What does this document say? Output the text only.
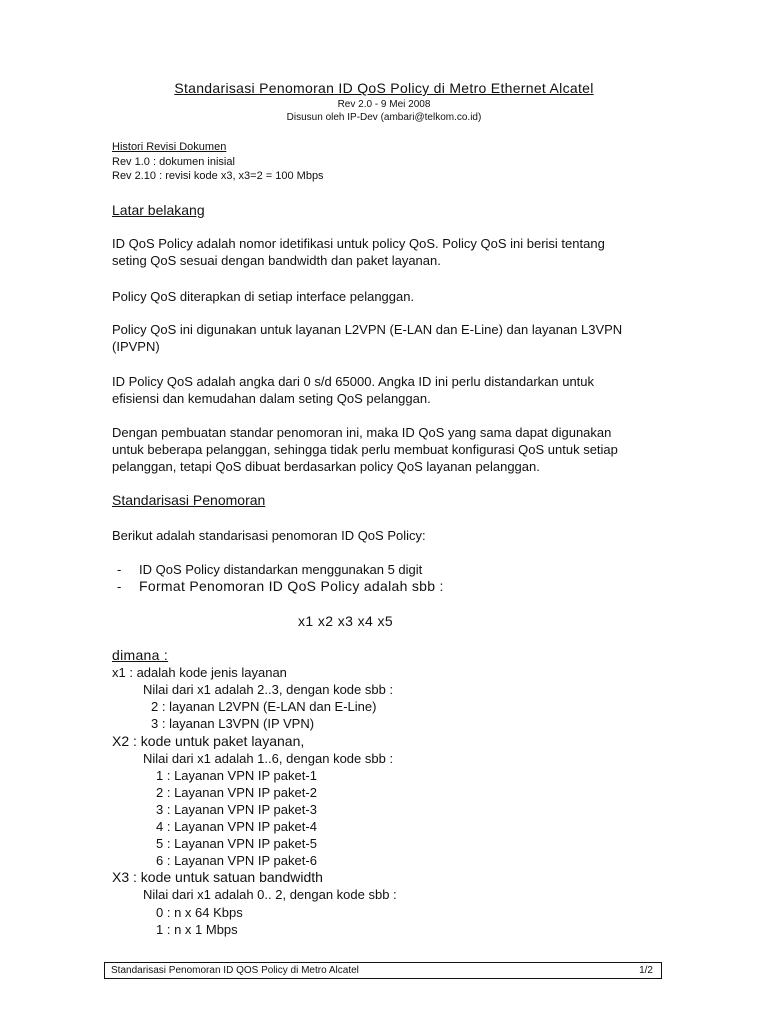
Standarisasi Penomoran ID QoS Policy di Metro Ethernet Alcatel
Rev 2.0 - 9 Mei 2008
Disusun oleh IP-Dev (ambari@telkom.co.id)
Histori Revisi Dokumen
Rev 1.0 : dokumen inisial
Rev 2.10 : revisi kode x3, x3=2 = 100 Mbps
Latar belakang
ID QoS Policy adalah nomor idetifikasi untuk policy QoS. Policy QoS ini berisi tentang
seting QoS sesuai dengan bandwidth dan paket layanan.
Policy QoS diterapkan di setiap interface pelanggan.
Policy QoS ini digunakan untuk layanan L2VPN (E-LAN dan E-Line) dan layanan L3VPN
(IPVPN)
ID Policy QoS adalah angka dari 0 s/d 65000. Angka ID ini perlu distandarkan untuk
efisiensi dan kemudahan dalam seting QoS pelanggan.
Dengan pembuatan standar penomoran ini, maka ID QoS yang sama dapat digunakan
untuk beberapa pelanggan, sehingga tidak perlu membuat konfigurasi QoS untuk setiap
pelanggan, tetapi QoS dibuat berdasarkan policy QoS layanan pelanggan.
Standarisasi Penomoran
Berikut adalah standarisasi penomoran ID QoS Policy:
- ID QoS Policy distandarkan menggunakan 5 digit
- Format Penomoran ID QoS Policy adalah sbb :
x1 x2 x3 x4 x5
dimana :
x1 : adalah kode jenis layanan
Nilai dari x1 adalah 2..3, dengan kode sbb :
2 : layanan L2VPN (E-LAN dan E-Line)
3 : layanan L3VPN (IP VPN)
X2 : kode untuk paket layanan,
Nilai dari x1 adalah 1..6, dengan kode sbb :
1 : Layanan VPN IP paket-1
2 : Layanan VPN IP paket-2
3 : Layanan VPN IP paket-3
4 : Layanan VPN IP paket-4
5 : Layanan VPN IP paket-5
6 : Layanan VPN IP paket-6
X3 : kode untuk satuan bandwidth
Nilai dari x1 adalah 0.. 2, dengan kode sbb :
0 : n x 64 Kbps
1 : n x 1 Mbps
Standarisasi Penomoran ID QOS Policy di Metro Alcatel	1/2
